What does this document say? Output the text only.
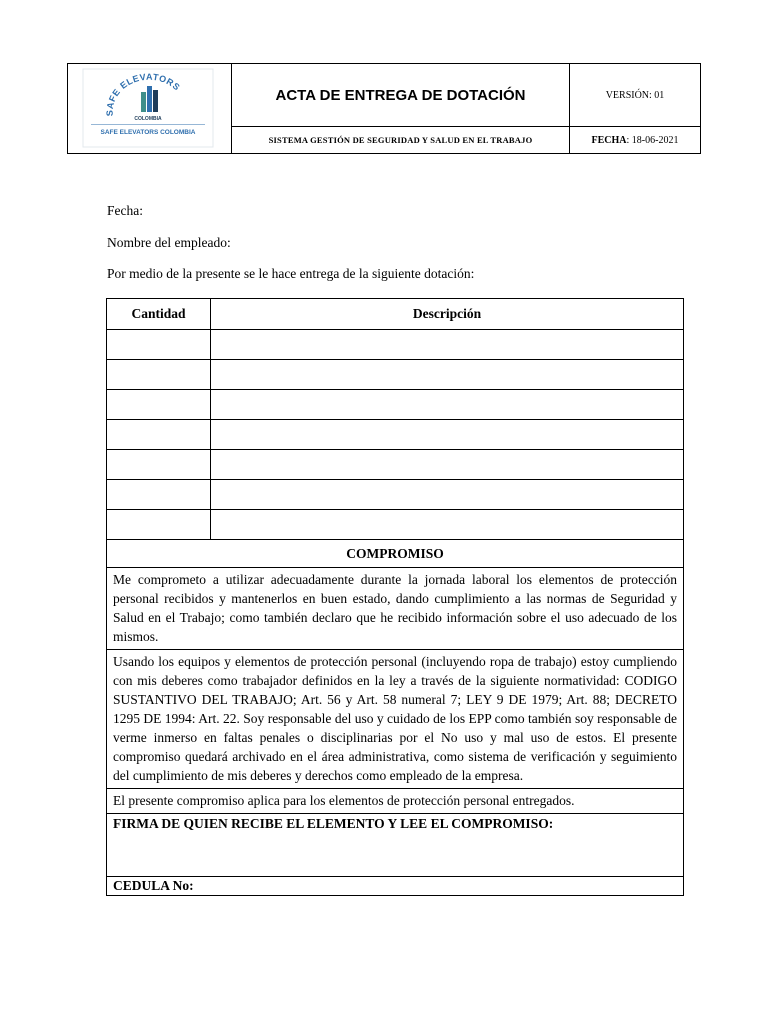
SAFE ELEVATORS
COLOMBIA
SAFE ELEVATORS COLOMBIA
ACTA DE ENTREGA DE DOTACIÓN	VERSIÓN: 01
SISTEMA GESTIÓN DE SEGURIDAD Y SALUD EN EL TRABAJO	FECHA : 18-06-2021
Fecha:
Nombre del empleado:
Por medio de la presente se le hace entrega de la siguiente dotación:
Cantidad	Descripción

COMPROMISO	
Me comprometo a utilizar adecuadamente durante la jornada laboral los elementos de protección personal recibidos y mantenerlos en buen estado, dando cumplimiento a las normas de Seguridad y Salud en el Trabajo; como también declaro que he recibido información sobre el uso adecuado de los mismos.	
Usando los equipos y elementos de protección personal (incluyendo ropa de trabajo) estoy cumpliendo con mis deberes como trabajador definidos en la ley a través de la siguiente normatividad: CODIGO SUSTANTIVO DEL TRABAJO; Art. 56 y Art. 58 numeral 7; LEY 9 DE 1979; Art. 88; DECRETO 1295 DE 1994: Art. 22. Soy responsable del uso y cuidado de los EPP como también soy responsable de verme inmerso en faltas penales o disciplinarias por el No uso y mal uso de estos. El presente compromiso quedará archivado en el área administrativa, como sistema de verificación y seguimiento del cumplimiento de mis deberes y derechos como empleado de la empresa.	
El presente compromiso aplica para los elementos de protección personal entregados.	
FIRMA DE QUIEN RECIBE EL ELEMENTO Y LEE EL COMPROMISO:	
CEDULA No:	
